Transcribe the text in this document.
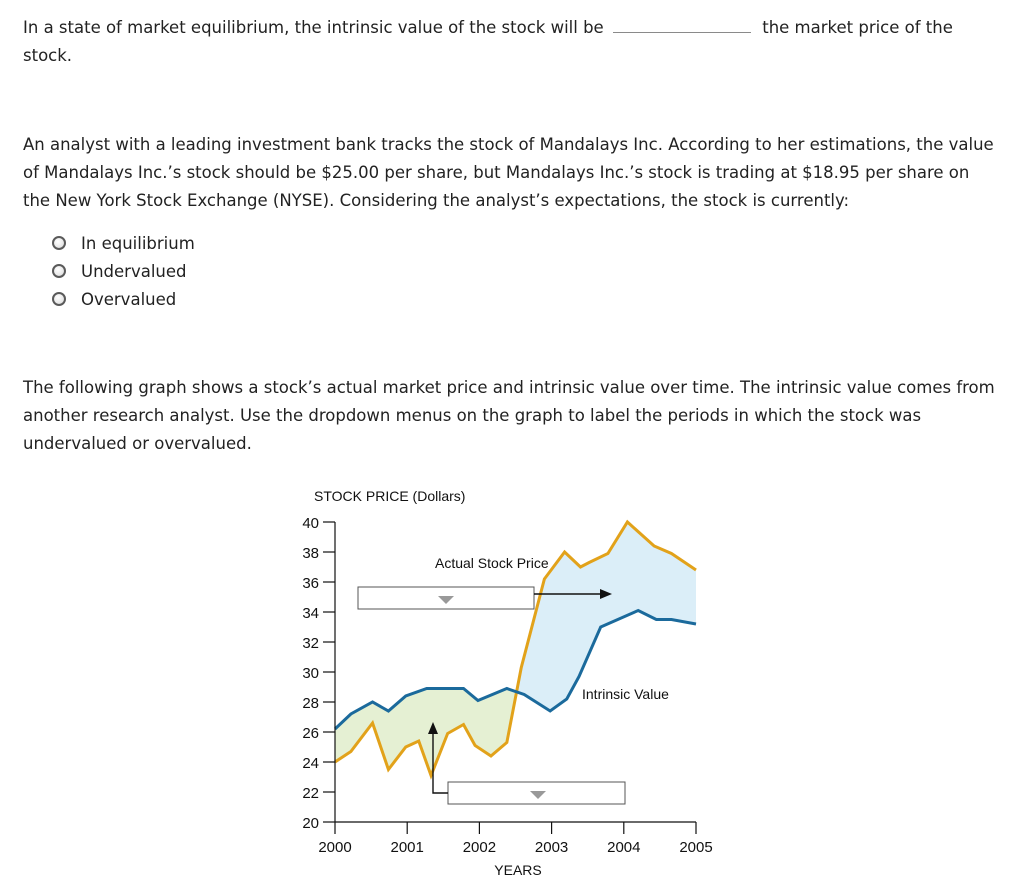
In a state of market equilibrium, the intrinsic value of the stock will be	the market price of the stock.

An analyst with a leading investment bank tracks the stock of Mandalays Inc. According to her estimations, the value of Mandalays Inc.’s stock should be $25.00 per share, but Mandalays Inc.’s stock is trading at $18.95 per share on the New York Stock Exchange (NYSE). Considering the analyst’s expectations, the stock is currently:

In equilibrium
Undervalued
Overvalued

The following graph shows a stock’s actual market price and intrinsic value over time. The intrinsic value comes from another research analyst. Use the dropdown menus on the graph to label the periods in which the stock was undervalued or overvalued.

20
22
24
26
28
30
32
34
36
38
40
2000	2001	2002	2003	2004	2005
STOCK PRICE (Dollars)
YEARS
Actual Stock Price
Intrinsic Value
